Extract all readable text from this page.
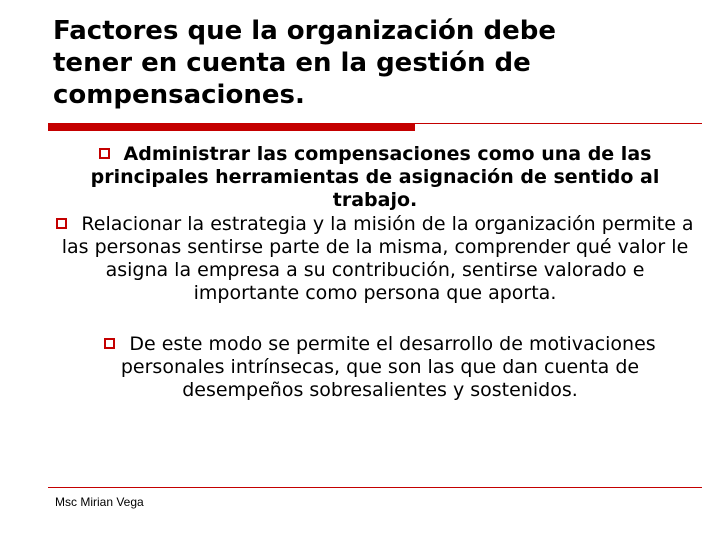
Factores que la organización debe
tener en cuenta en la gestión de
compensaciones.
Administrar las compensaciones como una de las principales herramientas de asignación de sentido al trabajo.
Relacionar la estrategia y la misión de la organización permite a las personas sentirse parte de la misma, comprender qué valor le asigna la empresa a su contribución, sentirse valorado e importante como persona que aporta.
De este modo se permite el desarrollo de motivaciones personales intrínsecas, que son las que dan cuenta de desempeños sobresalientes y sostenidos.
Msc Mirian Vega
